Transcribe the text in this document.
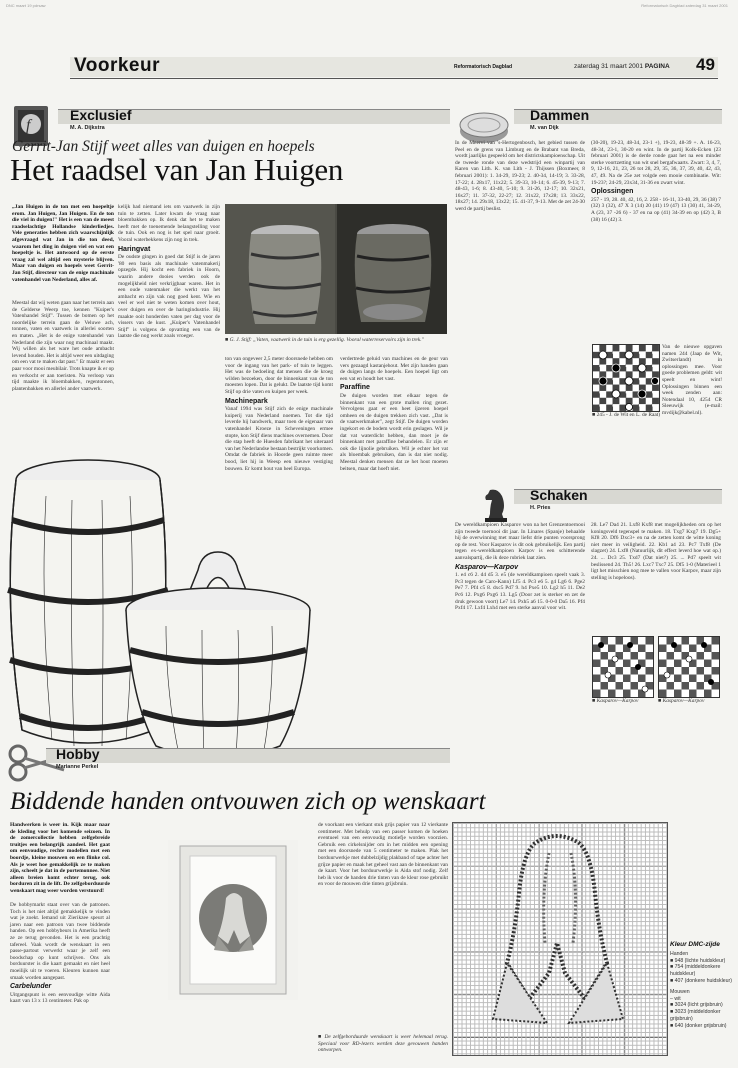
DNC maart 19 pdrsaw	Reformatorisch Dagblad zaterdag 31 maart 2001
Voorkeur	Reformatorisch Dagblad	zaterdag 31 maart 2001 PAGINA 49
f
Exclusief
M. A. Dijkstra
Gerrit-Jan Stijf weet alles van duigen en hoepels
Het raadsel van Jan Huigen
„Jan Huigen in de ton met een hoepeltje erom. Jan Huigen, Jan Huigen. En de ton die viel in duigen!" Het is een van de meest raadselachtige Hollandse kinderliedjes. Vele generaties hebben zich waarschijnlijk afgevraagd wat Jan in die ton deed, waarom het ding in duigen viel en wat een hoepeltje is. Het antwoord op de eerste vraag zal wel altijd een mysterie blijven. Maar van duigen en hoepels weet Gerrit-Jan Stijf, directeur van de enige machinale vatenhandel van Nederland, alles af.
Meestal dat wij weten gaan naar het terrein aan de Gelderse Weerp toe, kennen "Kuiper's Vatenhandel Stijf". Tussen de bomen op het noordelijke terrein gaan de Veluwe ach, tonnen, vaten en vaatwerk in allerlei soorten en maten. „Het is de enige vatenhandel van Nederland die zijn waar nog machinaal maakt. Wij willen als het ware het oude ambacht levend houden. Het is altijd weer een uitdaging om een vat te maken dat past." Er maakt er een paar voor mooi meubilair. Trots knapte ik er op en verkocht er aan toeristen. Na verloop van tijd maakte ik bloembakken, regentonnen, plantenbakken en allerlei ander vaatwerk.

kelijk had niemand iets om vaatwerk in zijn tuin te zetten. Later kwam de vraag naar bloembakken op. Ik denk dat het te maken heeft met de toenemende belangstelling voor de tuin. Ook en nog is het spel naar groeit. Vooral waterbekkens zijn nog in trek.

Haringvat

De oudste gingen in goed dat Stijf is de jaren '80 een basis als machinale vatenmakerij opzegde. Hij kocht een fabriek in Hoorn, waarin andere dooies werden ook de mogelijkheid niet verkrijgbaar waren. Het in een oude vatenmaker die werkt van het ambacht en zijn vak nog goed kent. Wie en veel er wel niet te weten komen over hout, over duigen en over de haringindustrie. Hij maakte ooit honderden vaten per dag voor de vissers van de kust. „Kuiper's Vatenhandel Stijf" is volgens de opvatting een van de laatste die nog werkt zoals vroeger.

■ G. J. Stijf: „Vaten, vaatwerk in de tuin is erg gezellig. Vooral waterreservoirs zijn in trek."

ton van ongeveer 2,5 meter doorsnede hebben om voor de ingang van het park- of tuin te leggen. Het was de bedoeling dat mensen die de kroeg wilden bezoeken, door de binnenkant van de ton moesten lopen. Dat is gelukt. De laatste tijd komt Stijf op drie vaten en kuipen per week.

Machinepark

Vanaf 1994 was Stijf zich de enige machinale kuiperij van Nederland noemen. Tot die tijd leverde hij handwerk, maar toen de eigenaar van vatenhandel Kroeze in Scheveningen ermee stopte, kon Stijf diens machines overnemen. Door die stap heeft de Huesden fabrikant het uiteraard van het Nederlandse bestaan bestrijkt voorkomen. Omdat de fabriek in Hoorde geen ruimte meer bood, liet hij in Weesp een nieuwe vestiging bouwen. Er komt hout van heel Europa.

verdertrede geluid van machines en de geur van vers gezaagd kastanjehout. Met zijn handen gaan de duigen langs de hoepels. Een hoepel ligt om een vat en houdt het vast.

Paraffine

De duigen worden met elkaar tegen de binnenkant van een grote mallen ring gezet. Vervolgens gaat er een heet ijzeren hoepel omheen en de duigen trekken zich vast. „Dat is de vaatwerkmaker", zegt Stijf. De duigen worden ingekort en de bodem wordt erin geslagen. Wil je dat vat waterdicht hebben, dan moet je de binnenkant met paraffine behandelen. Er zijn er ook die lijnolie gebruiken. Wil je echter het vat als bloembak gebruiken, dan is dat niet nodig. Meestal denken mensen dat ze het hout moeten beitsen, maar dat hoeft niet.

Dammen
M. van Dijk
In de Meervi van 's-Hertogenbosch, het gebied tussen de Peel en de grens van Limburg en de Brabant van Breda, wordt jaarlijks gespeeld om het districtskampioenschap. Uit de tweede ronde van deze wedstrijd een winpartij van Karen van Lith. K. van Lith - J. Thijssen (Boxmeer, 8 februari 2001): 1. 34-29, 19-23; 2. 40-34, 14-19; 3. 33-28, 17-22; 4. 28x17, 11x22; 5. 39-33, 10-14; 6. 45-39, 9-13; 7. 48-43, 1-6; 8. 43-40, 5-10; 9. 31-26, 12-17; 10. 32x21, 16x27; 11. 37-32, 22-27; 12. 31x22, 17x28; 13. 33x22, 18x27; 14. 29x18, 13x22; 15. 41-37, 9-13. Met de zet 24-30 werd de partij beslist.

(30-20), 19-23, 48-34, 23-1 +), 19-23, 48-39 +. A. 16-23, 48-34, 23-1, 30-20 en wint. In de partij Kolk-Ecken (23 februari 2001) is de derde ronde gaat het na een minder sterke voortzetting van wit snel bergafwaarts. Zwart: 3, 4, 7, 9, 12-16, 21, 23, 26 tot 28, 29, 35, 36, 37, 39, 40, 42, 43, 47, 49. Na de 25e zet volgde een mooie combinatie. Wit: 19-23?; 24-29, 23x34, 31-36 en zwart wint.

Oplossingen

257 - 19, 28. 40, 42, 16, 2. 258 - 16-11, 33-40, 29, 36 (38) 7 (32) 3 (32), 47 X 3 (14) 20 (41) 19 (47) 13 (30) 41, 34-29, A (23, 37 -26 6) - 37 en na op (41) 34-39 en op (42) 3, B (38) 16 (42) 3.

■ 245 - J. de Wit en L. de Raat)
Van de nieuwe opgaven namen 244 (Jaap de Wit, Zwitserlandt) in oplossingen mee. Voor goede problemen geldt: wit speelt en wint! Oplossingen binnen een week zenden aan: Notendaal 10, 4254 CR Sleeuwijk (e-mail: mvdijk@kabel.nl).
Schaken
H. Pries

De wereldkampioen Kasparov won na het Grenzentoernooi zijn tweede toernooi dit jaar. In Linares (Spanje) behaalde hij de overwinning met maar liefst drie punten voorsprong op de rest. Voor Kasparov is dit ook gebruikelijk. Een partij tegen ex-wereldkampioen Karpov is een schitterende aanvalspartij, die ik deze rubriek laat zien.

Kasparov—Karpov

1. e4 c6 2. d4 d5 3. e5 (de wereldkampioen speelt vaak 3. Pc3 tegen de Caro-Kann) Lf5 4. Pc3 e6 5. g4 Lg6 6. Pge2 Pe7 7. Pf4 c5 8. dxc5 Pd7 9. h4 Pxe5 10. Lg2 h5 11. De2 Pc6 12. Pxg6 Pxg6 13. Lg5 (Door zet is sterker en zet de druk gewoon voort) Le7 14. Pxh5 a6 15. 0-0-0 Da5 16. Pf4 Pxf4 17. Lxf4 Lxh4 met een sterke aanval voor wit.

28. Le7 Da4 21. Lxf8 Kxf8 met mogelijkheden om op het koningsveld tegenspel te maken. 18. Txg7 Kxg7 19. Dg5+ Kf8 20. Df6 Dxc3+ en na de zetten komt de witte koning niet meer in veiligheid. 22. Kb1 a4 23. Pc7 Txf8 (De slagzet) 24. Lxf8 (Natuurlijk, dit effect leverd hoe wat op.) 24. ... Dc3 25. Txd7 (Dat niet?) 25. ... Pd7 speelt wit beslissend 24. Th5! 26. Lxc7 Txc7 25. Df5 1-0 (Materieel 1 ligt het misschien nog mee te vallen voor Karpov, maar zijn stelling is hopeloos).
■ Kasparov—Karpov	■ Kasparov—Karpov
Hobby
Marianne Perkel
Biddende handen ontvouwen zich op wenskaart
Handwerken is weer in. Kijk maar naar de kleding voor het komende seizoen. In de zomercollectie hebben zelfgebreide truitjes een belangrijk aandeel. Het gaat om eenvoudige, rechte modellen met een boordje, kleine mouwen en een flinke col. Als je weet hoe gemakkelijk ze te maken zijn, scheelt je dat in de portemonnee. Niet alleen breien komt echter terug, ook borduren zit in de lift. De zelfgeborduurde wenskaart mag weer worden verstuurd!

De hobbymarkt staat over van de patronen. Toch is het niet altijd gemakkelijk te vinden wat je zoekt. Iemand uit Zierikzee speurt al jaren naar een patroon van twee biddende handen. Op een hobbybeurs in Amerika heeft ze ze terug gevonden. Het is een prachtig tafereel. Vaak wordt de wenskaart in een passe-partout verwerkt waar je zelf een boodschap op kunt schrijven. Ons als borduurster is die kaart gemaakt en niet heel moeilijk uit te voeren. Kleuren kunnen naar smaak worden aangepast.

Carbelunder

Uitgangspunt is een eenvoudige witte Aida kaart van 13 x 13 centimeter. Pak op

de voorkant een vierkant stuk grijs papier van 12 vierkante centimeter. Met behulp van een passer komen de hoeken eventueel van een eenvoudig motiefje worden voorzien. Gebruik een cirkelsnijder om in het midden een opening met een doorsnede van 5 centimeter te maken. Plak het borduurwerkje met dubbelzijdig plakband of tape achter het grijze papier en maak het geheel vast aan de binnenkant van de kaart. Voor het borduurwerkje is Aida stof nodig. Zelf heb ik voor de handen drie tinten van de kleur rose gebruikt en voor de mouwen drie tinten grijsbruin.
■ De zelfgeborduurde wenskaart is weer helemaal terug. Speciaal voor RD-lezers werden deze gevouwen handen ontworpen.
Kleur DMC-zijde
Handen
■ 948 (lichte huidskleur)
■ 754 (middeldonkere huidskleur)
■ 407 (donkere huidskleur)
Mouwen
– wit
■ 3024 (licht grijsbruin)
■ 3023 (middeldonker grijsbruin)
■ 640 (donker grijsbruin)
